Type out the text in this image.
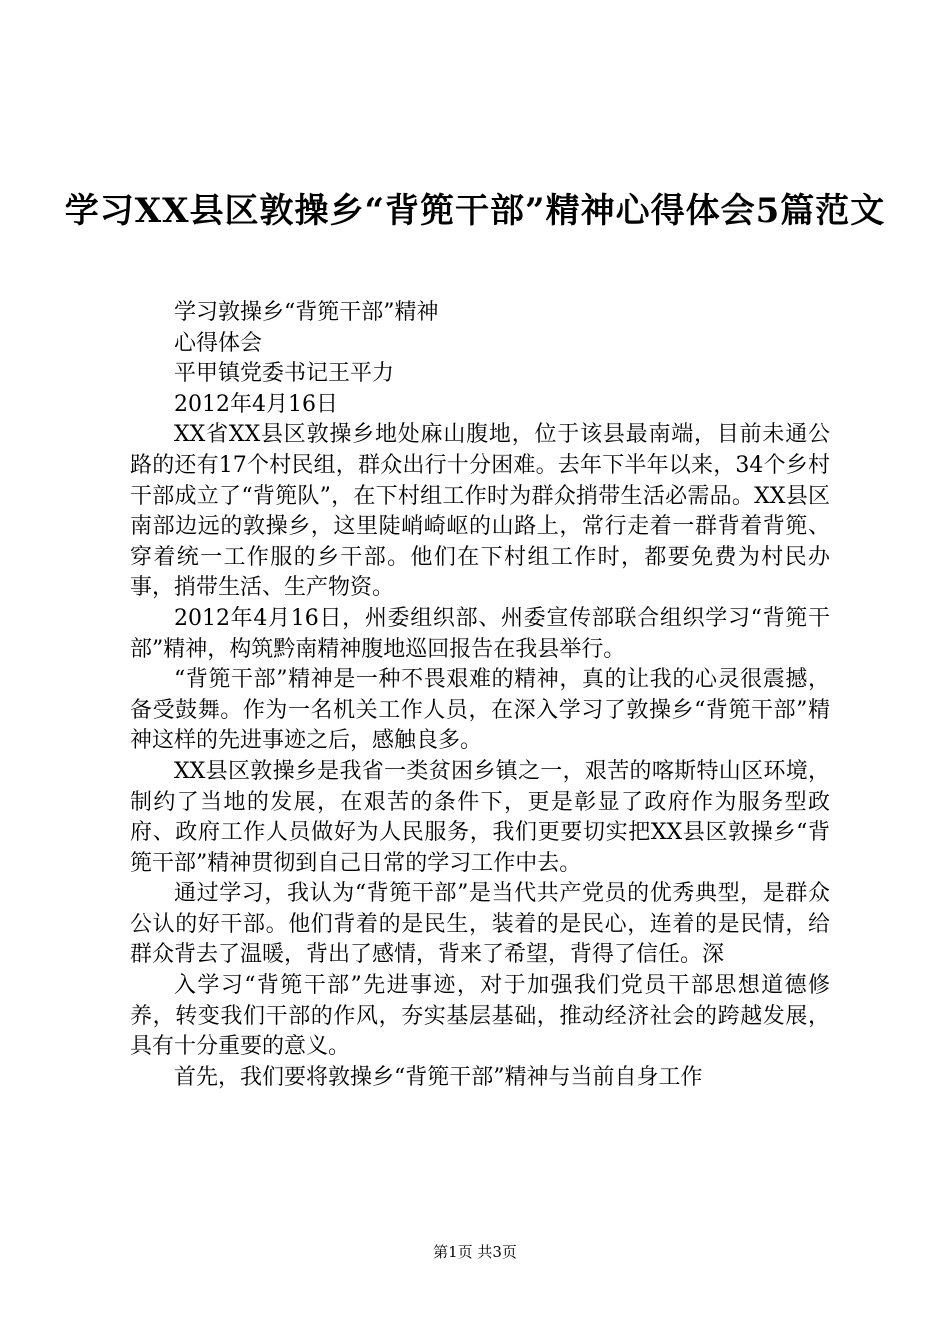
学习XX县区敦操乡“背篼干部”精神心得体会5篇范文

学习敦操乡“背篼干部”精神

心得体会

平甲镇党委书记王平力

2012年4月16日

XX省XX县区敦操乡地处麻山腹地，位于该县最南端，目前未通公路的还有17个村民组，群众出行十分困难。去年下半年以来，34个乡村干部成立了“背篼队”，在下村组工作时为群众捎带生活必需品。XX县区南部边远的敦操乡，这里陡峭崎岖的山路上，常行走着一群背着背篼、穿着统一工作服的乡干部。他们在下村组工作时，都要免费为村民办事，捎带生活、生产物资。

2012年4月16日，州委组织部、州委宣传部联合组织学习“背篼干部”精神，构筑黔南精神腹地巡回报告在我县举行。

“背篼干部”精神是一种不畏艰难的精神，真的让我的心灵很震撼，备受鼓舞。作为一名机关工作人员，在深入学习了敦操乡“背篼干部”精神这样的先进事迹之后，感触良多。

XX县区敦操乡是我省一类贫困乡镇之一，艰苦的喀斯特山区环境，制约了当地的发展，在艰苦的条件下，更是彰显了政府作为服务型政府、政府工作人员做好为人民服务，我们更要切实把XX县区敦操乡“背篼干部”精神贯彻到自己日常的学习工作中去。

通过学习，我认为“背篼干部”是当代共产党员的优秀典型，是群众公认的好干部。他们背着的是民生，装着的是民心，连着的是民情，给群众背去了温暖，背出了感情，背来了希望，背得了信任。深

入学习“背篼干部”先进事迹，对于加强我们党员干部思想道德修养，转变我们干部的作风，夯实基层基础，推动经济社会的跨越发展，具有十分重要的意义。

首先，我们要将敦操乡“背篼干部”精神与当前自身工作

第1页 共3页
